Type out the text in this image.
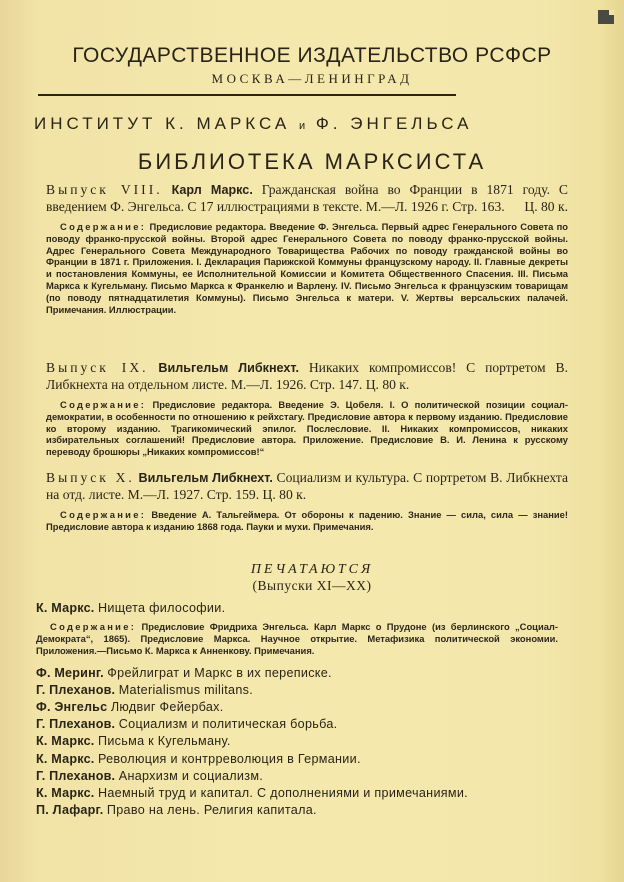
ГОСУДАРСТВЕННОЕ ИЗДАТЕЛЬСТВО РСФСР
МОСКВА—ЛЕНИНГРАД
ИНСТИТУТ К. МАРКСА и Ф. ЭНГЕЛЬСА
БИБЛИОТЕКА МАРКСИСТА
Выпуск VIII. Карл Маркс. Гражданская война во Франции в 1871 году. С введением Ф. Энгельса. С 17 иллюстрациями в тексте. М.—Л. 1926 г. Стр. 163. Ц. 80 к.
Содержание: Предисловие редактора. Введение Ф. Энгельса. Первый адрес Генерального Совета по поводу франко-прусской войны. Второй адрес Генерального Совета по поводу франко-прусской войны. Адрес Генерального Совета Международного Товарищества Рабочих по поводу гражданской войны во Франции в 1871 г. Приложения. I. Декларация Парижской Коммуны французскому народу. II. Главные декреты и постановления Коммуны, ее Исполнительной Комиссии и Комитета Общественного Спасения. III. Письма Маркса к Кугельману. Письмо Маркса к Франкелю и Варлену. IV. Письмо Энгельса к французским товарищам (по поводу пятнадцатилетия Коммуны). Письмо Энгельса к матери. V. Жертвы версальских палачей. Примечания. Иллюстрации.
Выпуск IX. Вильгельм Либкнехт. Никаких компромиссов! С портретом В. Либкнехта на отдельном листе. М.—Л. 1926. Стр. 147. Ц. 80 к.
Содержание: Предисловие редактора. Введение Э. Цобеля. I. О политической позиции социал-демократии, в особенности по отношению к рейхстагу. Предисловие автора к первому изданию. Предисловие ко второму изданию. Трагикомический эпилог. Послесловие. II. Никаких компромиссов, никаких избирательных соглашений! Предисловие автора. Приложение. Предисловие В. И. Ленина к русскому переводу брошюры „Никаких компромиссов!“
Выпуск X. Вильгельм Либкнехт. Социализм и культура. С портретом В. Либкнехта на отд. листе. М.—Л. 1927. Стр. 159. Ц. 80 к.
Содержание: Введение А. Тальгеймера. От обороны к падению. Знание — сила, сила — знание! Предисловие автора к изданию 1868 года. Пауки и мухи. Примечания.
ПЕЧАТАЮТСЯ
(Выпуски XI—XX)
К. Маркс. Нищета философии.
Содержание: Предисловие Фридриха Энгельса. Карл Маркс о Прудоне (из берлинского „Социал-Демократа“, 1865). Предисловие Маркса. Научное открытие. Метафизика политической экономии. Приложения.—Письмо К. Маркса к Анненкову. Примечания.
Ф. Меринг. Фрейлиграт и Маркс в их переписке.
Г. Плеханов. Materialismus militans.
Ф. Энгельс Людвиг Фейербах.
Г. Плеханов. Социализм и политическая борьба.
К. Маркс. Письма к Кугельману.
К. Маркс. Революция и контрреволюция в Германии.
Г. Плеханов. Анархизм и социализм.
К. Маркс. Наемный труд и капитал. С дополнениями и примечаниями.
П. Лафарг. Право на лень. Религия капитала.
